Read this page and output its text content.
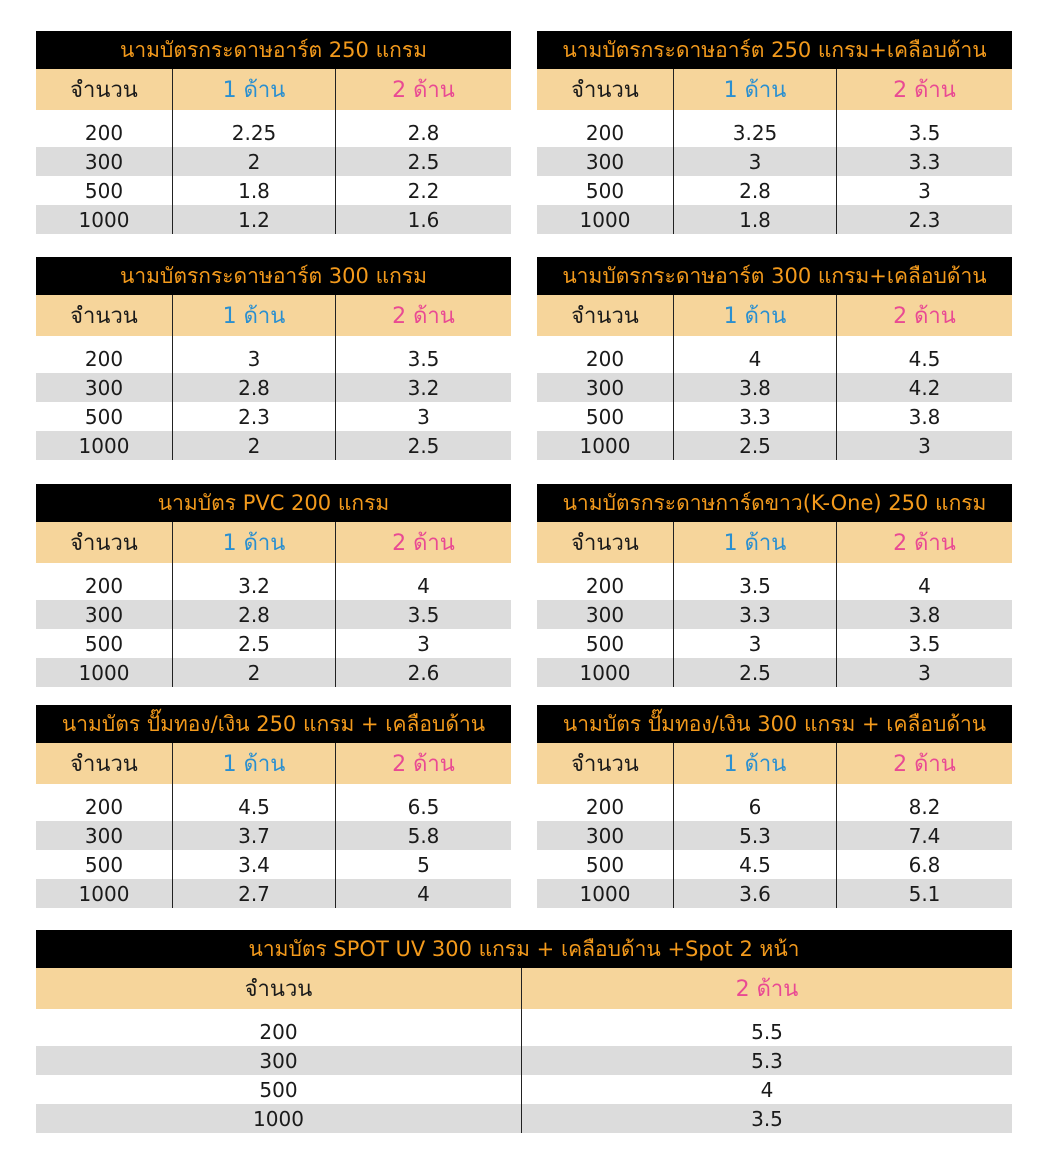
นามบัตรกระดาษอาร์ต 250 แกรม
จำนวน	1 ด้าน	2 ด้าน
200	2.25	2.8
300	2	2.5
500	1.8	2.2
1000	1.2	1.6
นามบัตรกระดาษอาร์ต 250 แกรม+เคลือบด้าน
จำนวน	1 ด้าน	2 ด้าน
200	3.25	3.5
300	3	3.3
500	2.8	3
1000	1.8	2.3
นามบัตรกระดาษอาร์ต 300 แกรม
จำนวน	1 ด้าน	2 ด้าน
200	3	3.5
300	2.8	3.2
500	2.3	3
1000	2	2.5
นามบัตรกระดาษอาร์ต 300 แกรม+เคลือบด้าน
จำนวน	1 ด้าน	2 ด้าน
200	4	4.5
300	3.8	4.2
500	3.3	3.8
1000	2.5	3
นามบัตร PVC 200 แกรม
จำนวน	1 ด้าน	2 ด้าน
200	3.2	4
300	2.8	3.5
500	2.5	3
1000	2	2.6
นามบัตรกระดาษการ์ดขาว(K-One) 250 แกรม
จำนวน	1 ด้าน	2 ด้าน
200	3.5	4
300	3.3	3.8
500	3	3.5
1000	2.5	3
นามบัตร ปั๊มทอง/เงิน 250 แกรม + เคลือบด้าน
จำนวน	1 ด้าน	2 ด้าน
200	4.5	6.5
300	3.7	5.8
500	3.4	5
1000	2.7	4
นามบัตร ปั๊มทอง/เงิน 300 แกรม + เคลือบด้าน
จำนวน	1 ด้าน	2 ด้าน
200	6	8.2
300	5.3	7.4
500	4.5	6.8
1000	3.6	5.1
นามบัตร SPOT UV 300 แกรม + เคลือบด้าน +Spot 2 หน้า
จำนวน	2 ด้าน
200	5.5
300	5.3
500	4
1000	3.5
